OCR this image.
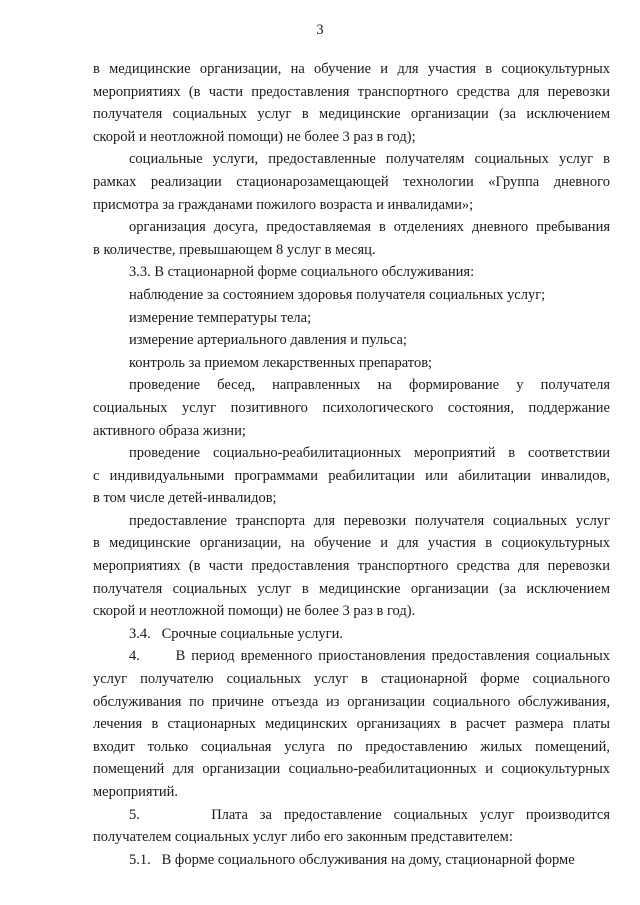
3
в медицинские организации, на обучение и для участия в социокультурных
мероприятиях (в части предоставления транспортного средства для перевозки
получателя социальных услуг в медицинские организации (за исключением
скорой и неотложной помощи) не более 3 раз в год);
социальные услуги, предоставленные получателям социальных услуг в
рамках реализации стационарозамещающей технологии «Группа дневного
присмотра за гражданами пожилого возраста и инвалидами»;
организация досуга, предоставляемая в отделениях дневного пребывания
в количестве, превышающем 8 услуг в месяц.
3.3. В стационарной форме социального обслуживания:
наблюдение за состоянием здоровья получателя социальных услуг;
измерение температуры тела;
измерение артериального давления и пульса;
контроль за приемом лекарственных препаратов;
проведение бесед, направленных на формирование у получателя
социальных услуг позитивного психологического состояния, поддержание
активного образа жизни;
проведение социально-реабилитационных мероприятий в соответствии
с индивидуальными программами реабилитации или абилитации инвалидов,
в том числе детей-инвалидов;
предоставление транспорта для перевозки получателя социальных услуг
в медицинские организации, на обучение и для участия в социокультурных
мероприятиях (в части предоставления транспортного средства для перевозки
получателя социальных услуг в медицинские организации (за исключением
скорой и неотложной помощи) не более 3 раз в год).
3.4.   Срочные социальные услуги.
4.      В период временного приостановления предоставления социальных
услуг получателю социальных услуг в стационарной форме социального
обслуживания по причине отъезда из организации социального обслуживания,
лечения в стационарных медицинских организациях в расчет размера платы
входит только социальная услуга по предоставлению жилых помещений,
помещений для организации социально-реабилитационных и социокультурных
мероприятий.
5.      Плата за предоставление социальных услуг производится
получателем социальных услуг либо его законным представителем:
5.1.   В форме социального обслуживания на дому, стационарной форме
